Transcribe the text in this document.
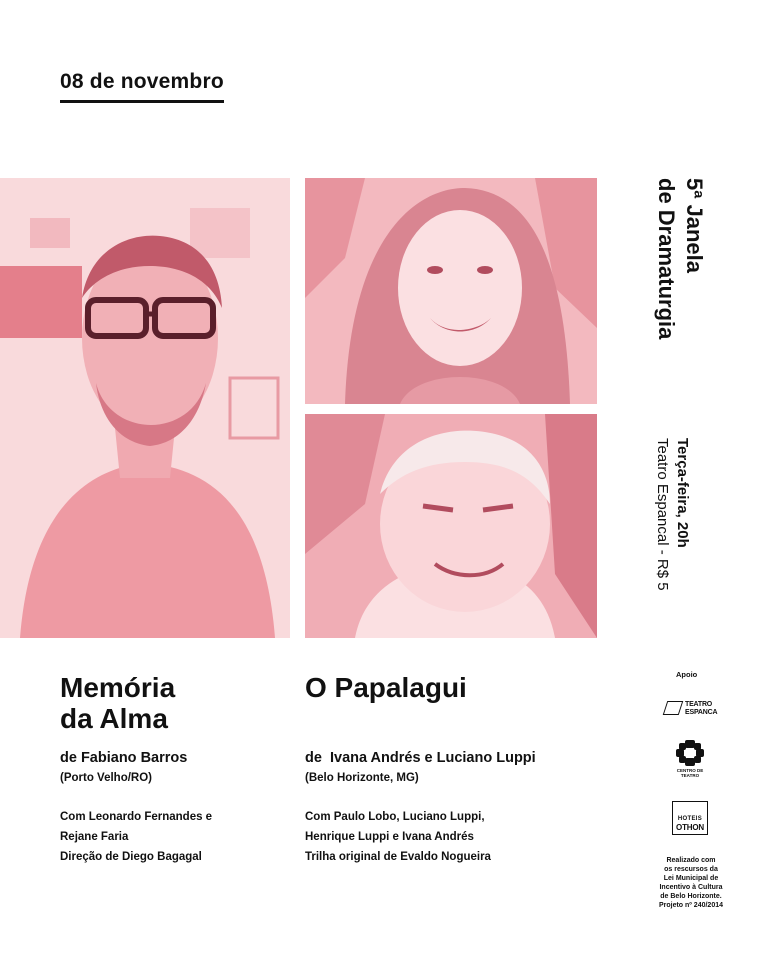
08 de novembro
5ª Janela
de Dramaturgia
Terça-feira, 20h
Teatro Espancal - R$ 5
Memória
da Alma
de Fabiano Barros
(Porto Velho/RO)
Com Leonardo Fernandes e
Rejane Faria
Direção de Diego Bagagal
O Papalagui
de  Ivana Andrés e Luciano Luppi
(Belo Horizonte, MG)
Com Paulo Lobo, Luciano Luppi,
Henrique Luppi e Ivana Andrés
Trilha original de Evaldo Nogueira
Apoio
TEATRO
ESPANCA
CENTRO DE TEATRO
HOTEIS
OTHON
Realizado com
os rescursos da
Lei Municipal de
Incentivo à Cultura
de Belo Horizonte.
Projeto nº 240/2014
